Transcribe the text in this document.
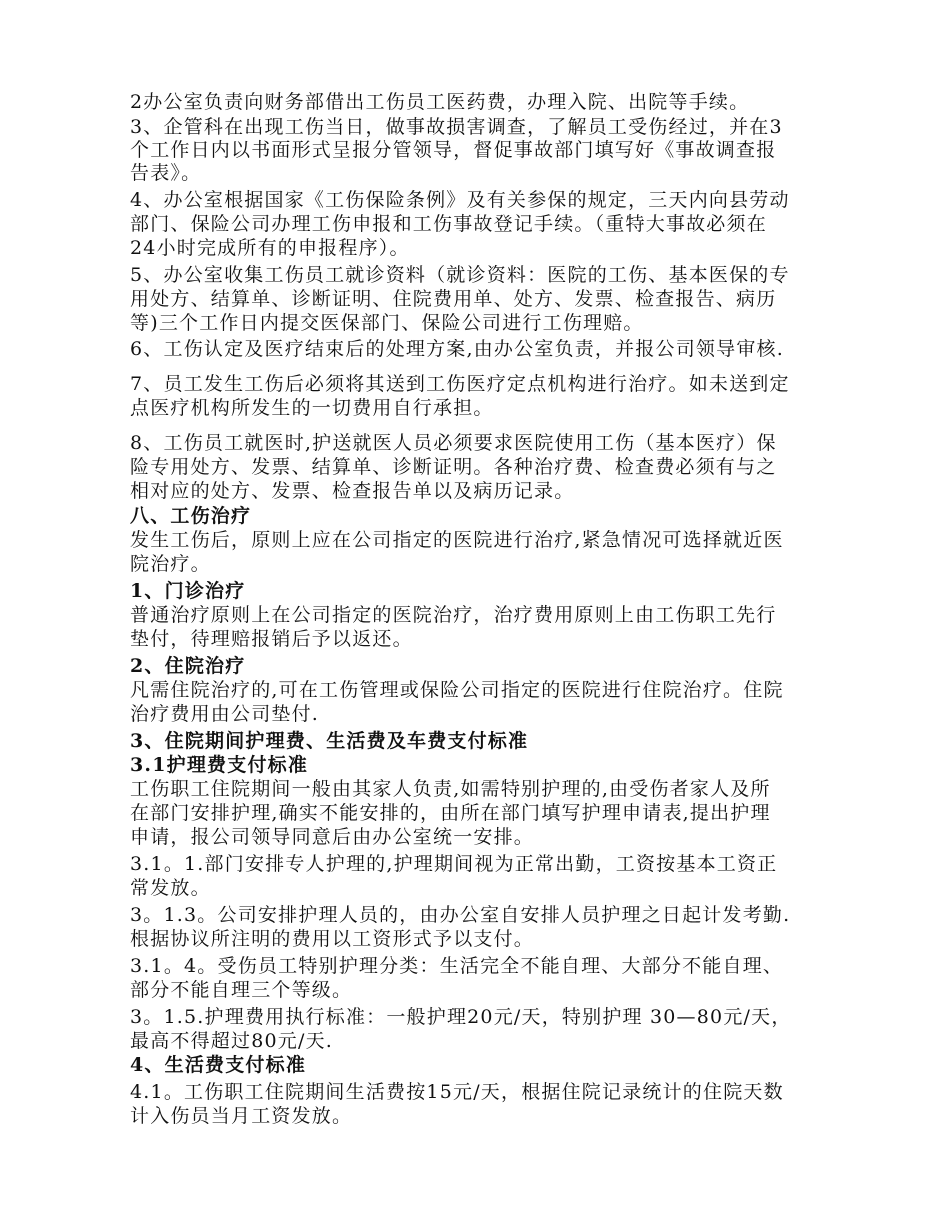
2办公室负责向财务部借出工伤员工医药费，办理入院、出院等手续。
3、企管科在出现工伤当日，做事故损害调查，了解员工受伤经过，并在3
个工作日内以书面形式呈报分管领导，督促事故部门填写好《事故调查报
告表》。
4、办公室根据国家《工伤保险条例》及有关参保的规定，三天内向县劳动
部门、保险公司办理工伤申报和工伤事故登记手续。（重特大事故必须在
24小时完成所有的申报程序）。
5、办公室收集工伤员工就诊资料（就诊资料：医院的工伤、基本医保的专
用处方、结算单、诊断证明、住院费用单、处方、发票、检查报告、病历
等)三个工作日内提交医保部门、保险公司进行工伤理赔。
6、工伤认定及医疗结束后的处理方案,由办公室负责，并报公司领导审核.
7、员工发生工伤后必须将其送到工伤医疗定点机构进行治疗。如未送到定
点医疗机构所发生的一切费用自行承担。
8、工伤员工就医时,护送就医人员必须要求医院使用工伤（基本医疗）保
险专用处方、发票、结算单、诊断证明。各种治疗费、检查费必须有与之
相对应的处方、发票、检查报告单以及病历记录。
八、工伤治疗
发生工伤后，原则上应在公司指定的医院进行治疗,紧急情况可选择就近医
院治疗。
1、门诊治疗
普通治疗原则上在公司指定的医院治疗，治疗费用原则上由工伤职工先行
垫付，待理赔报销后予以返还。
2、住院治疗
凡需住院治疗的,可在工伤管理或保险公司指定的医院进行住院治疗。住院
治疗费用由公司垫付.
3、住院期间护理费、生活费及车费支付标准
3.1护理费支付标准
工伤职工住院期间一般由其家人负责,如需特别护理的,由受伤者家人及所
在部门安排护理,确实不能安排的，由所在部门填写护理申请表,提出护理
申请，报公司领导同意后由办公室统一安排。
3.1。1.部门安排专人护理的,护理期间视为正常出勤，工资按基本工资正
常发放。
3。1.3。公司安排护理人员的，由办公室自安排人员护理之日起计发考勤.
根据协议所注明的费用以工资形式予以支付。
3.1。4。受伤员工特别护理分类：生活完全不能自理、大部分不能自理、
部分不能自理三个等级。
3。1.5.护理费用执行标准：一般护理20元/天，特别护理 30—80元/天，
最高不得超过80元/天.
4、生活费支付标准
4.1。工伤职工住院期间生活费按15元/天，根据住院记录统计的住院天数
计入伤员当月工资发放。
